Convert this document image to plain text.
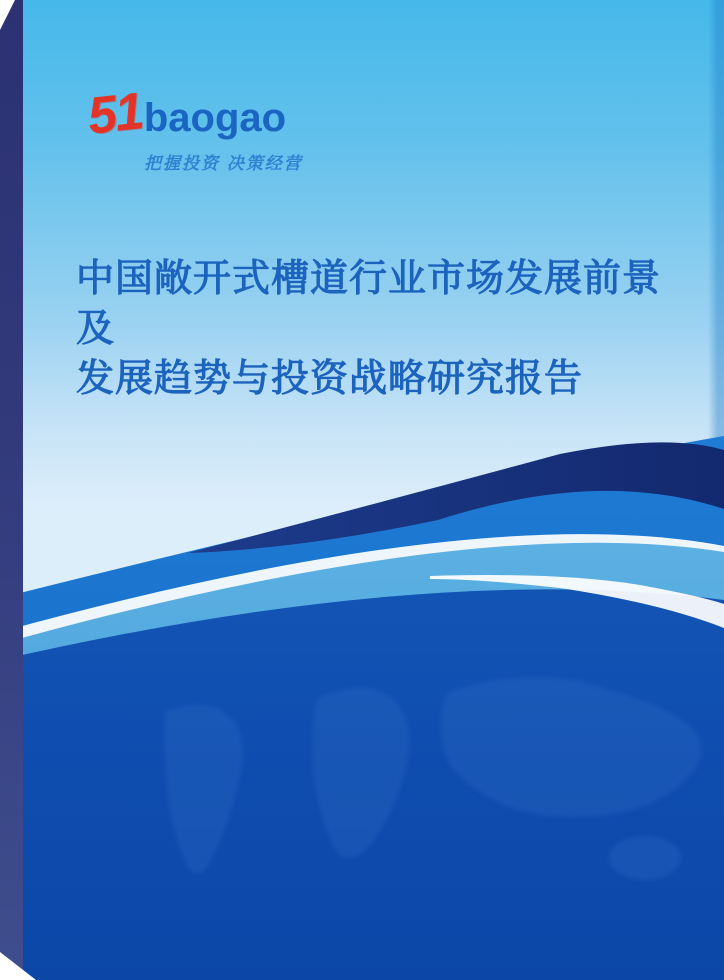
51 baogao
把握投资 决策经营
中国敞开式槽道行业市场发展前景及
发展趋势与投资战略研究报告
